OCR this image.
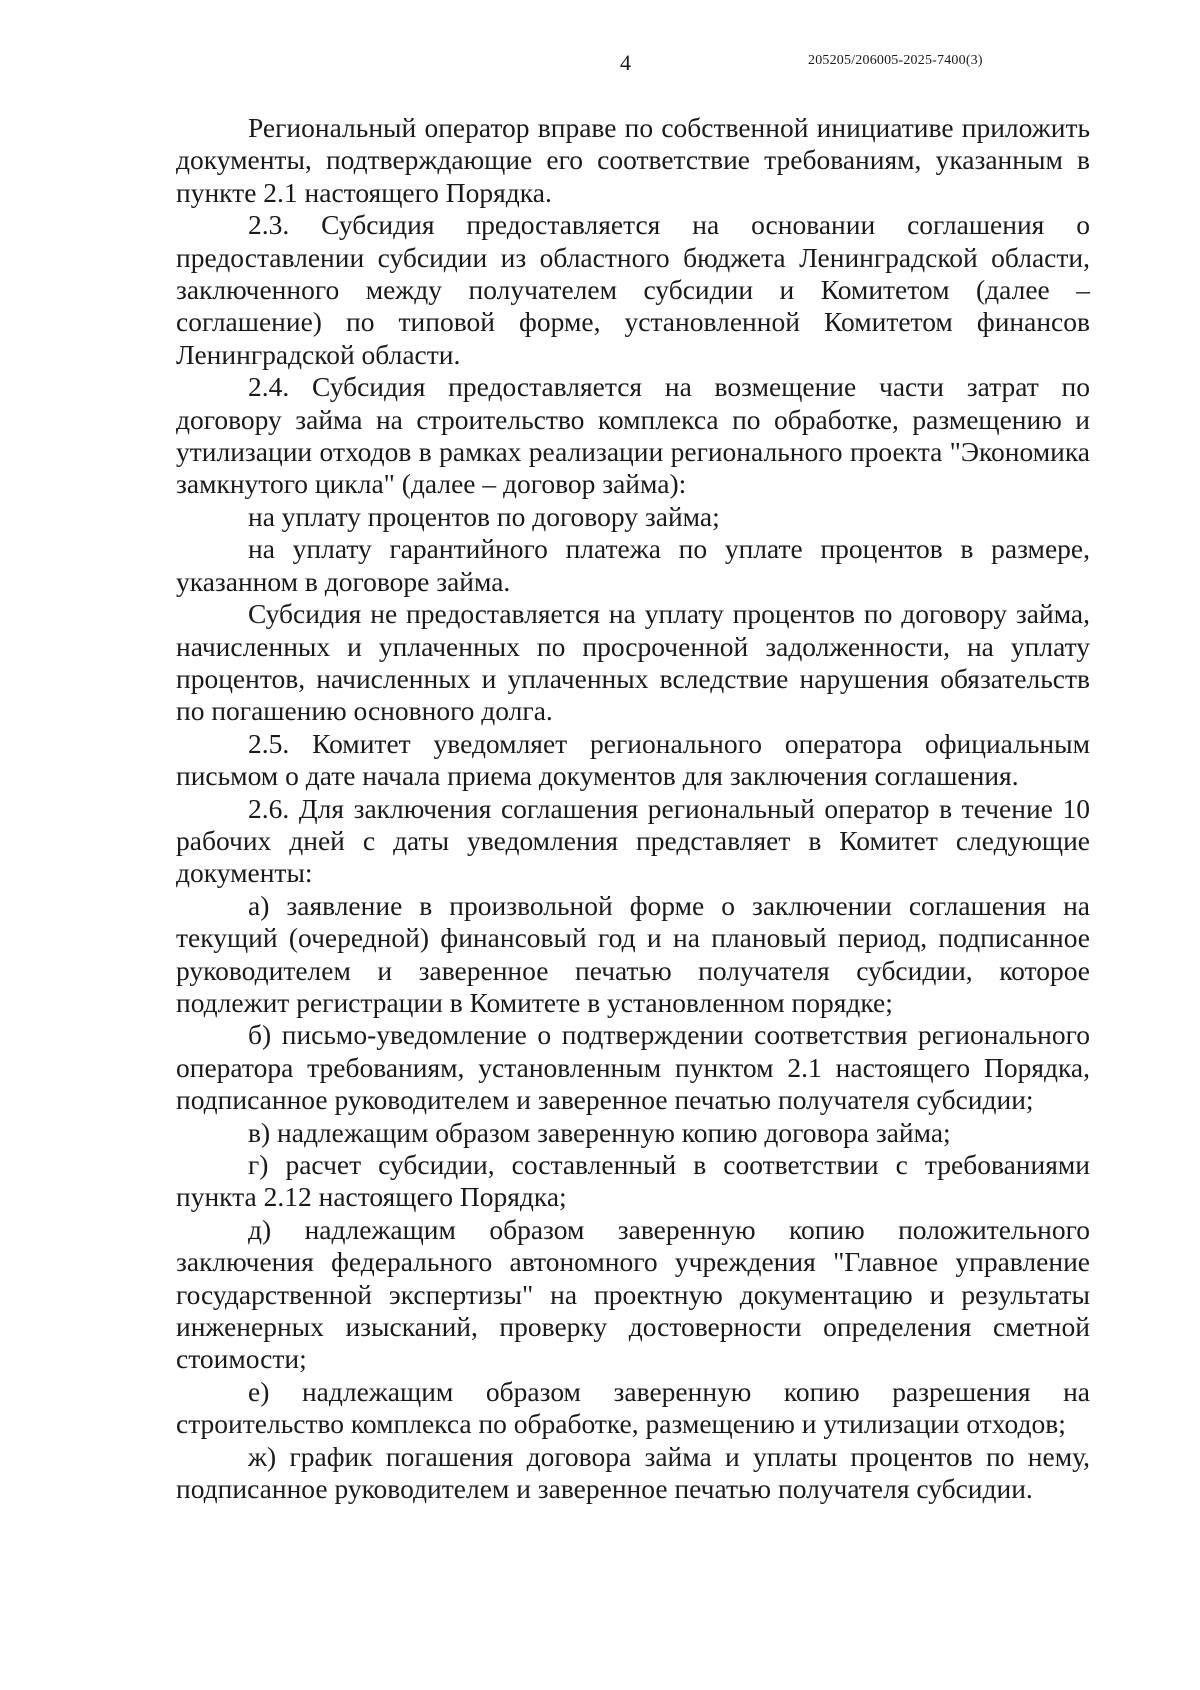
4	205205/206005-2025-7400(3)

Региональный оператор вправе по собственной инициативе приложить документы, подтверждающие его соответствие требованиям, указанным в пункте 2.1 настоящего Порядка.

2.3. Субсидия предоставляется на основании соглашения о предоставлении субсидии из областного бюджета Ленинградской области, заключенного между получателем субсидии и Комитетом (далее – соглашение) по типовой форме, установленной Комитетом финансов Ленинградской области.

2.4. Субсидия предоставляется на возмещение части затрат по договору займа на строительство комплекса по обработке, размещению и утилизации отходов в рамках реализации регионального проекта "Экономика замкнутого цикла" (далее – договор займа):

на уплату процентов по договору займа;

на уплату гарантийного платежа по уплате процентов в размере, указанном в договоре займа.

Субсидия не предоставляется на уплату процентов по договору займа, начисленных и уплаченных по просроченной задолженности, на уплату процентов, начисленных и уплаченных вследствие нарушения обязательств по погашению основного долга.

2.5. Комитет уведомляет регионального оператора официальным письмом о дате начала приема документов для заключения соглашения.

2.6. Для заключения соглашения региональный оператор в течение 10 рабочих дней с даты уведомления представляет в Комитет следующие документы:

а) заявление в произвольной форме о заключении соглашения на текущий (очередной) финансовый год и на плановый период, подписанное руководителем и заверенное печатью получателя субсидии, которое подлежит регистрации в Комитете в установленном порядке;

б) письмо-уведомление о подтверждении соответствия регионального оператора требованиям, установленным пунктом 2.1 настоящего Порядка, подписанное руководителем и заверенное печатью получателя субсидии;

в) надлежащим образом заверенную копию договора займа;

г) расчет субсидии, составленный в соответствии с требованиями пункта 2.12 настоящего Порядка;

д) надлежащим образом заверенную копию положительного заключения федерального автономного учреждения "Главное управление государственной экспертизы" на проектную документацию и результаты инженерных изысканий, проверку достоверности определения сметной стоимости;

е) надлежащим образом заверенную копию разрешения на строительство комплекса по обработке, размещению и утилизации отходов;

ж) график погашения договора займа и уплаты процентов по нему, подписанное руководителем и заверенное печатью получателя субсидии.
